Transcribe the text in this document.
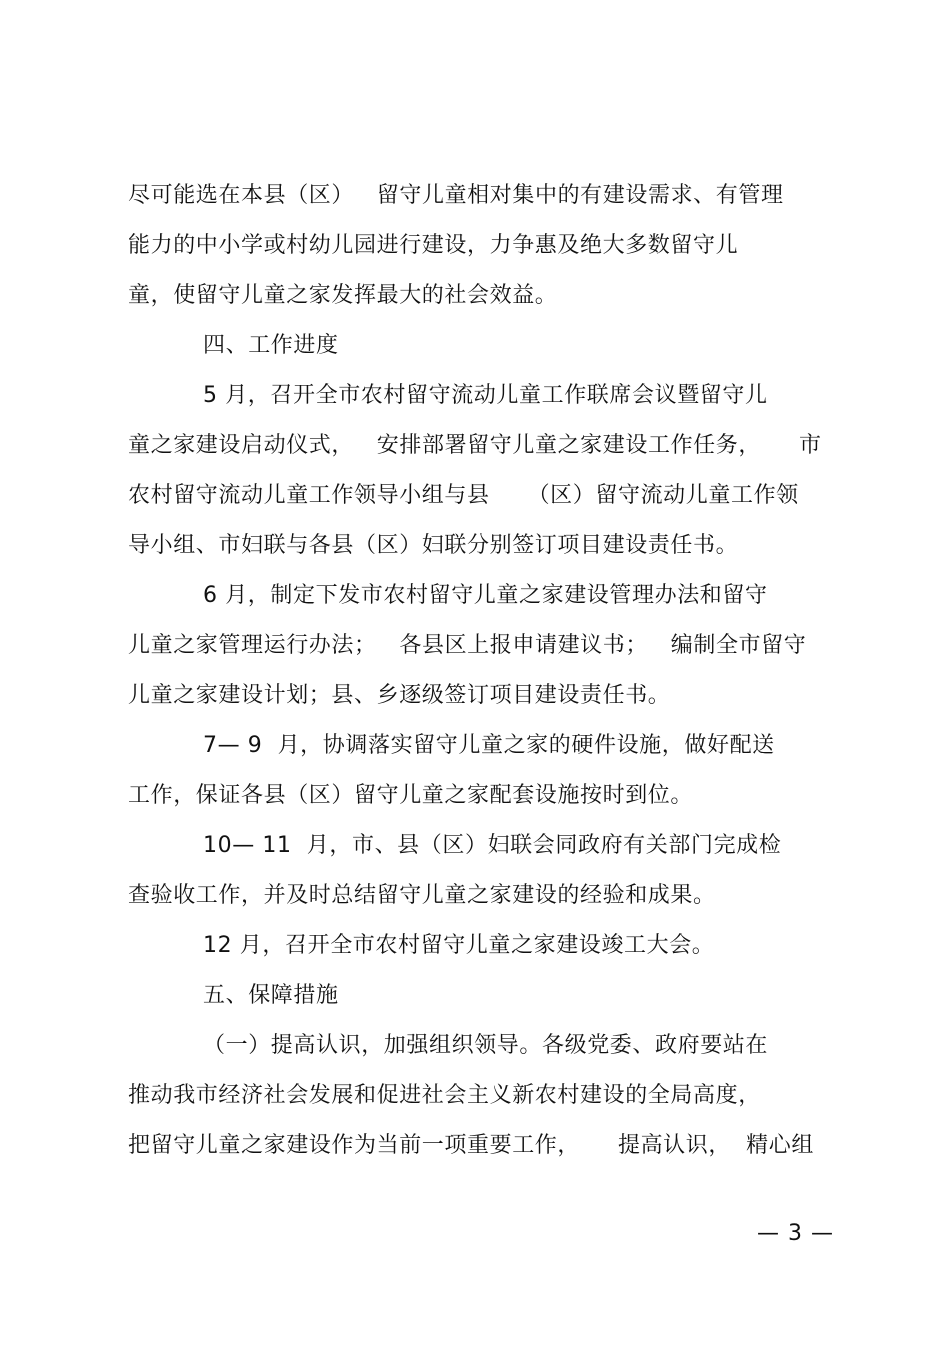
尽可能选在本县（区）   留守儿童相对集中的有建设需求、有管理
能力的中小学或村幼儿园进行建设，力争惠及绝大多数留守儿
童，使留守儿童之家发挥最大的社会效益。
四、工作进度
5 月，召开全市农村留守流动儿童工作联席会议暨留守儿
童之家建设启动仪式，   安排部署留守儿童之家建设工作任务，     市
农村留守流动儿童工作领导小组与县     （区）留守流动儿童工作领
导小组、市妇联与各县（区）妇联分别签订项目建设责任书。
6 月，制定下发市农村留守儿童之家建设管理办法和留守
儿童之家管理运行办法；   各县区上报申请建议书；   编制全市留守
儿童之家建设计划；县、乡逐级签订项目建设责任书。
7— 9  月，协调落实留守儿童之家的硬件设施，做好配送
工作，保证各县（区）留守儿童之家配套设施按时到位。
10— 11  月，市、县（区）妇联会同政府有关部门完成检
查验收工作，并及时总结留守儿童之家建设的经验和成果。
12 月，召开全市农村留守儿童之家建设竣工大会。
五、保障措施
（一）提高认识，加强组织领导。各级党委、政府要站在
推动我市经济社会发展和促进社会主义新农村建设的全局高度，
把留守儿童之家建设作为当前一项重要工作，     提高认识，  精心组
— 3 —
